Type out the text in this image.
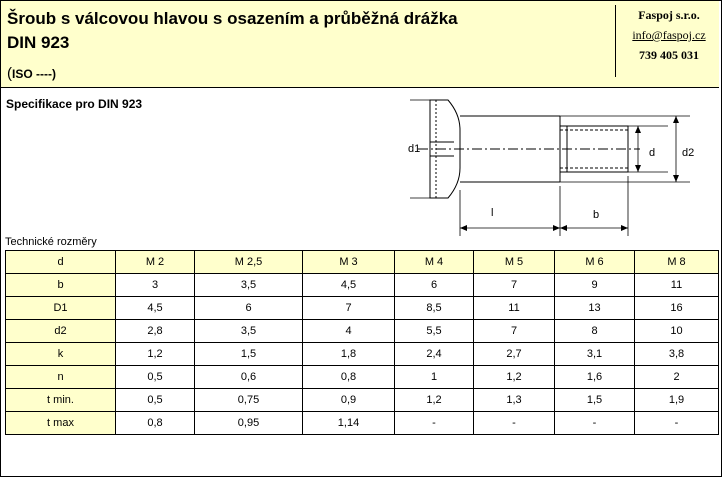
Šroub s válcovou hlavou s osazením a průběžná drážka
DIN 923
(ISO ----)
Faspoj s.r.o.
info@faspoj.cz
739 405 031
Specifikace pro DIN 923
d1	d d2
l	b
Technické rozměry
d	M 2	M 2,5	M 3	M 4	M 5	M 6	M 8
b	3	3,5	4,5	6	7	9	11
D1	4,5	6	7	8,5	11	13	16
d2	2,8	3,5	4	5,5	7	8	10
k	1,2	1,5	1,8	2,4	2,7	3,1	3,8
n	0,5	0,6	0,8	1	1,2	1,6	2
t min.	0,5	0,75	0,9	1,2	1,3	1,5	1,9
t max	0,8	0,95	1,14	-	-	-	-
